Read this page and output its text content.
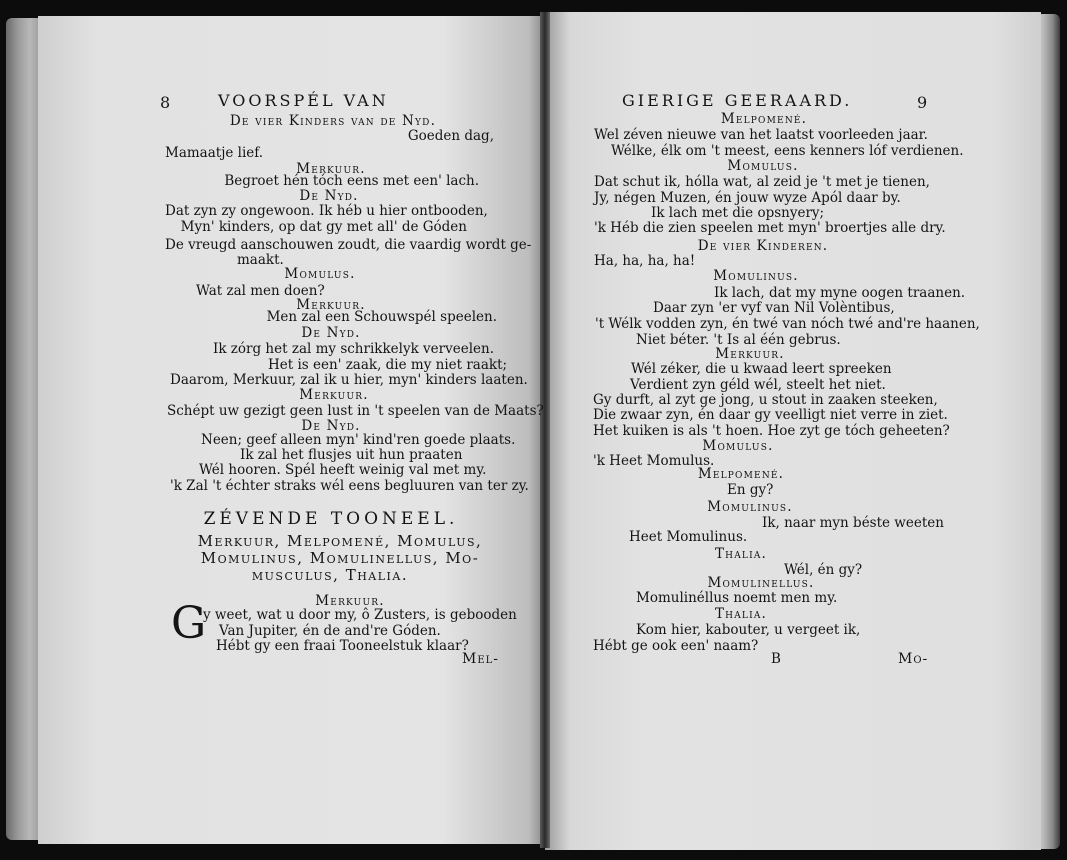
8	VOORSPÉL VAN
De vier Kinders van de Nyd.
Goeden dag,
Mamaatje lief.
Merkuur.
Begroet hén tóch eens met een' lach.
De Nyd.
Dat zyn zy ongewoon. Ik héb u hier ontbooden,
Myn' kinders, op dat gy met all' de Góden
De vreugd aanschouwen zoudt, die vaardig wordt ge-
maakt.
Momulus.
Wat zal men doen?
Merkuur.
Men zal een Schouwspél speelen.
De Nyd.
Ik zórg het zal my schrikkelyk verveelen.
Het is een' zaak, die my niet raakt;
Daarom, Merkuur, zal ik u hier, myn' kinders laaten.
Merkuur.
Schépt uw gezigt geen lust in 't speelen van de Maats?
De Nyd.
Neen; geef alleen myn' kind'ren goede plaats.
Ik zal het flusjes uit hun praaten
Wél hooren. Spél heeft weinig val met my.
'k Zal 't échter straks wél eens begluuren van ter zy.
ZÉVENDE TOONEEL.
Merkuur, Melpomené, Momulus,
Momulinus, Momulinellus, Mo-
musculus, Thalia.
Merkuur.
G
y weet, wat u door my, ô Zusters, is gebooden
Van Jupiter, én de and're Góden.
Hébt gy een fraai Tooneelstuk klaar?
Mel-
GIERIGE GEERAARD.	9
Melpomené.
Wel zéven nieuwe van het laatst voorleeden jaar.
Wélke, élk om 't meest, eens kenners lóf verdienen.
Momulus.
Dat schut ik, hólla wat, al zeid je 't met je tienen,
Jy, négen Muzen, én jouw wyze Apól daar by.
Ik lach met die opsnyery;
'k Héb die zien speelen met myn' broertjes alle dry.
De vier Kinderen.
Ha, ha, ha, ha!
Momulinus.
Ik lach, dat my myne oogen traanen.
Daar zyn 'er vyf van Nil Volèntibus,
't Wélk vodden zyn, én twé van nóch twé and're haanen,
Niet béter. 't Is al één gebrus.
Merkuur.
Wél zéker, die u kwaad leert spreeken
Verdient zyn géld wél, steelt het niet.
Gy durft, al zyt ge jong, u stout in zaaken steeken,
Die zwaar zyn, én daar gy veelligt niet verre in ziet.
Het kuiken is als 't hoen. Hoe zyt ge tóch geheeten?
Momulus.
'k Heet Momulus.
Melpomené.
En gy?
Momulinus.
Ik, naar myn béste weeten
Heet Momulinus.
Thalia.
Wél, én gy?
Momulinellus.
Momulinéllus noemt men my.
Thalia.
Kom hier, kabouter, u vergeet ik,
Hébt ge ook een' naam?
B	Mo-
